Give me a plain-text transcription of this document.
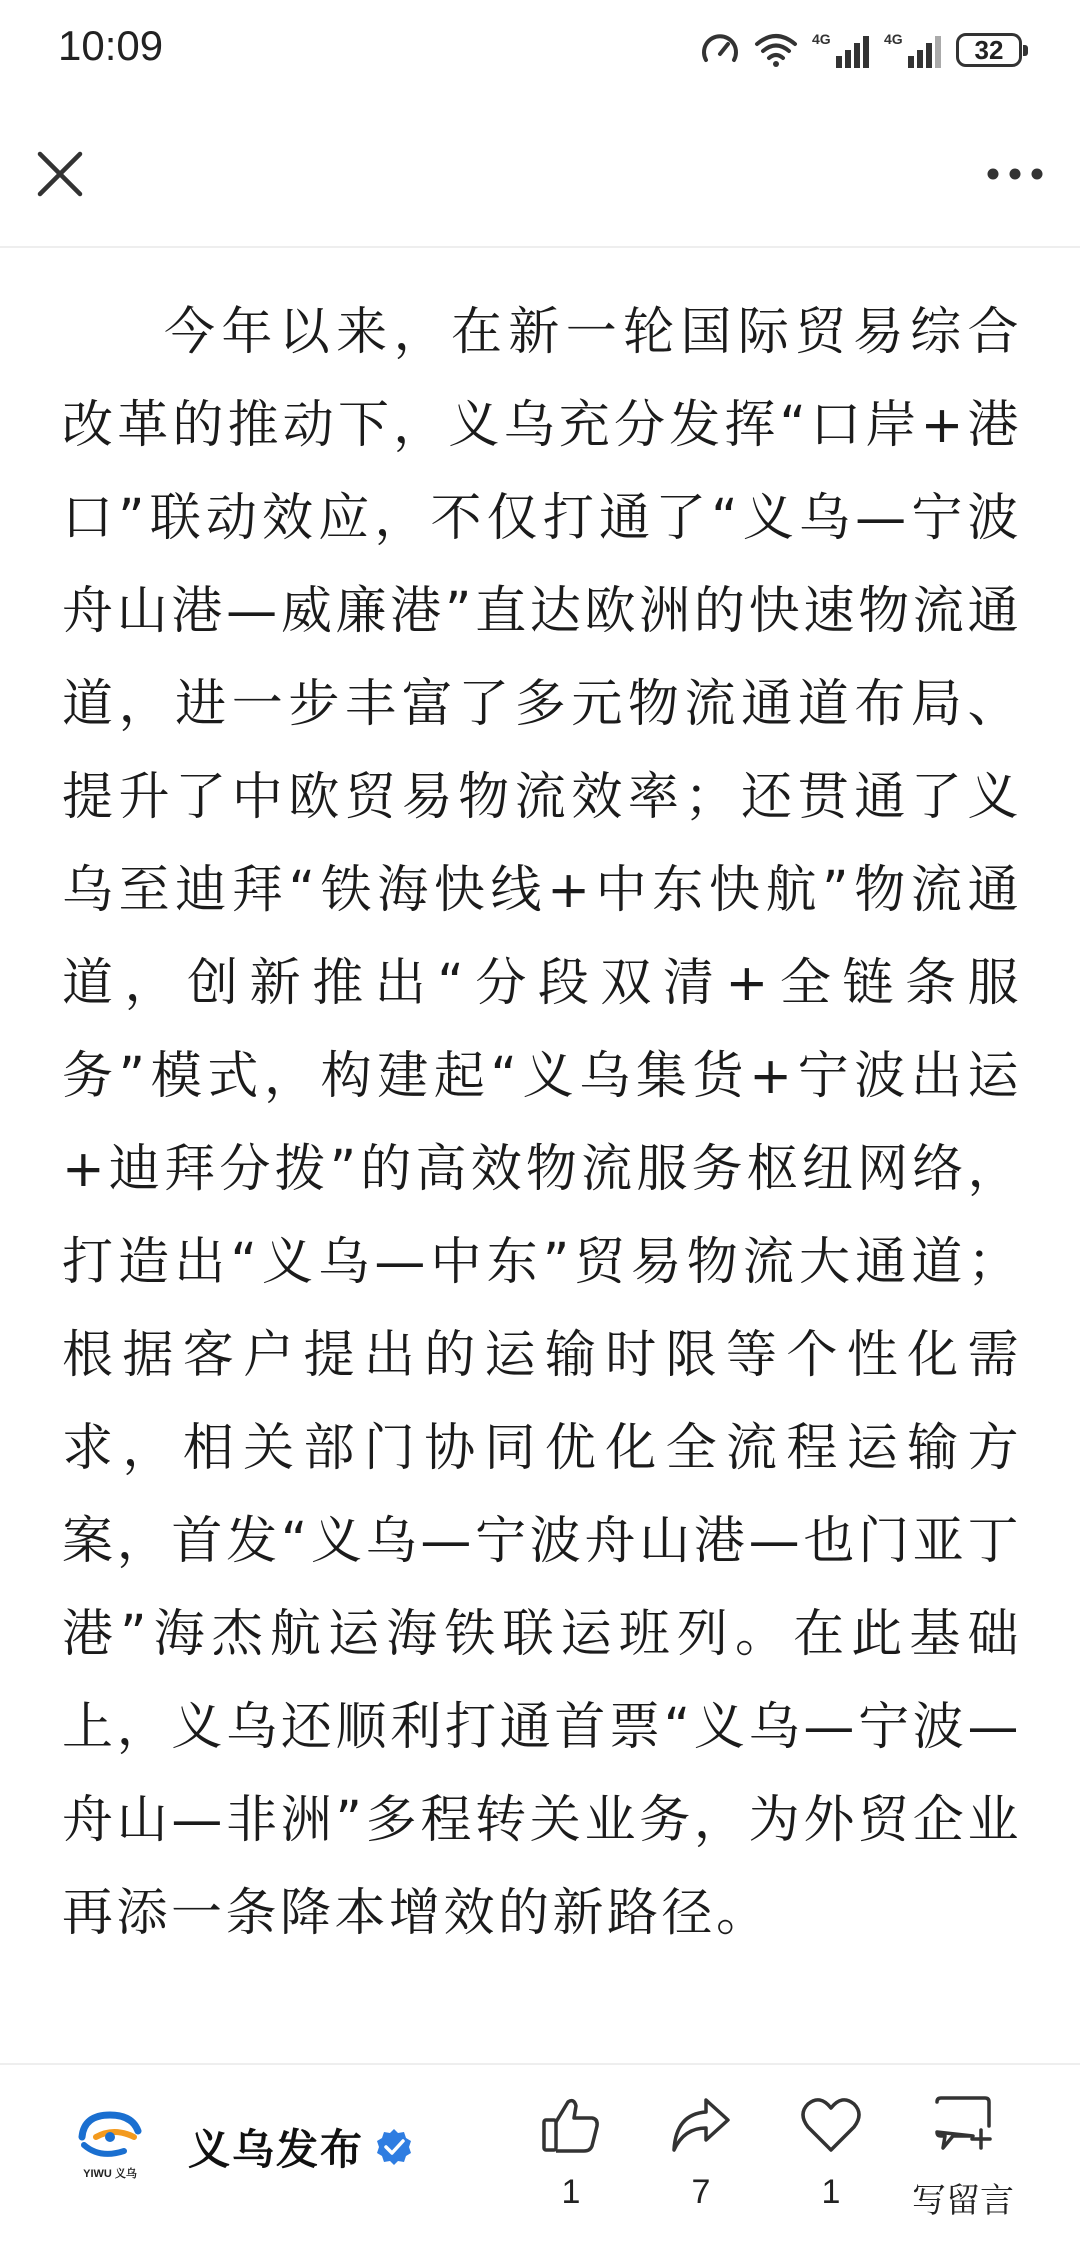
10:09	4G	4G	32

今年以来，在新一轮国际贸易综合改革的推动下，义乌充分发挥“口岸+港口”联动效应，不仅打通了“义乌—宁波舟山港—威廉港”直达欧洲的快速物流通道，进一步丰富了多元物流通道布局、提升了中欧贸易物流效率；还贯通了义乌至迪拜“铁海快线+中东快航”物流通道，创新推出“分段双清+全链条服务”模式，构建起“义乌集货+宁波出运+迪拜分拨”的高效物流服务枢纽网络，打造出“义乌—中东”贸易物流大通道；根据客户提出的运输时限等个性化需求，相关部门协同优化全流程运输方案，首发“义乌—宁波舟山港—也门亚丁港”海杰航运海铁联运班列。在此基础上，义乌还顺利打通首票“义乌—宁波—舟山—非洲”多程转关业务，为外贸企业再添一条降本增效的新路径。

YIWU 义乌	义乌发布
1	7	1	写留言
